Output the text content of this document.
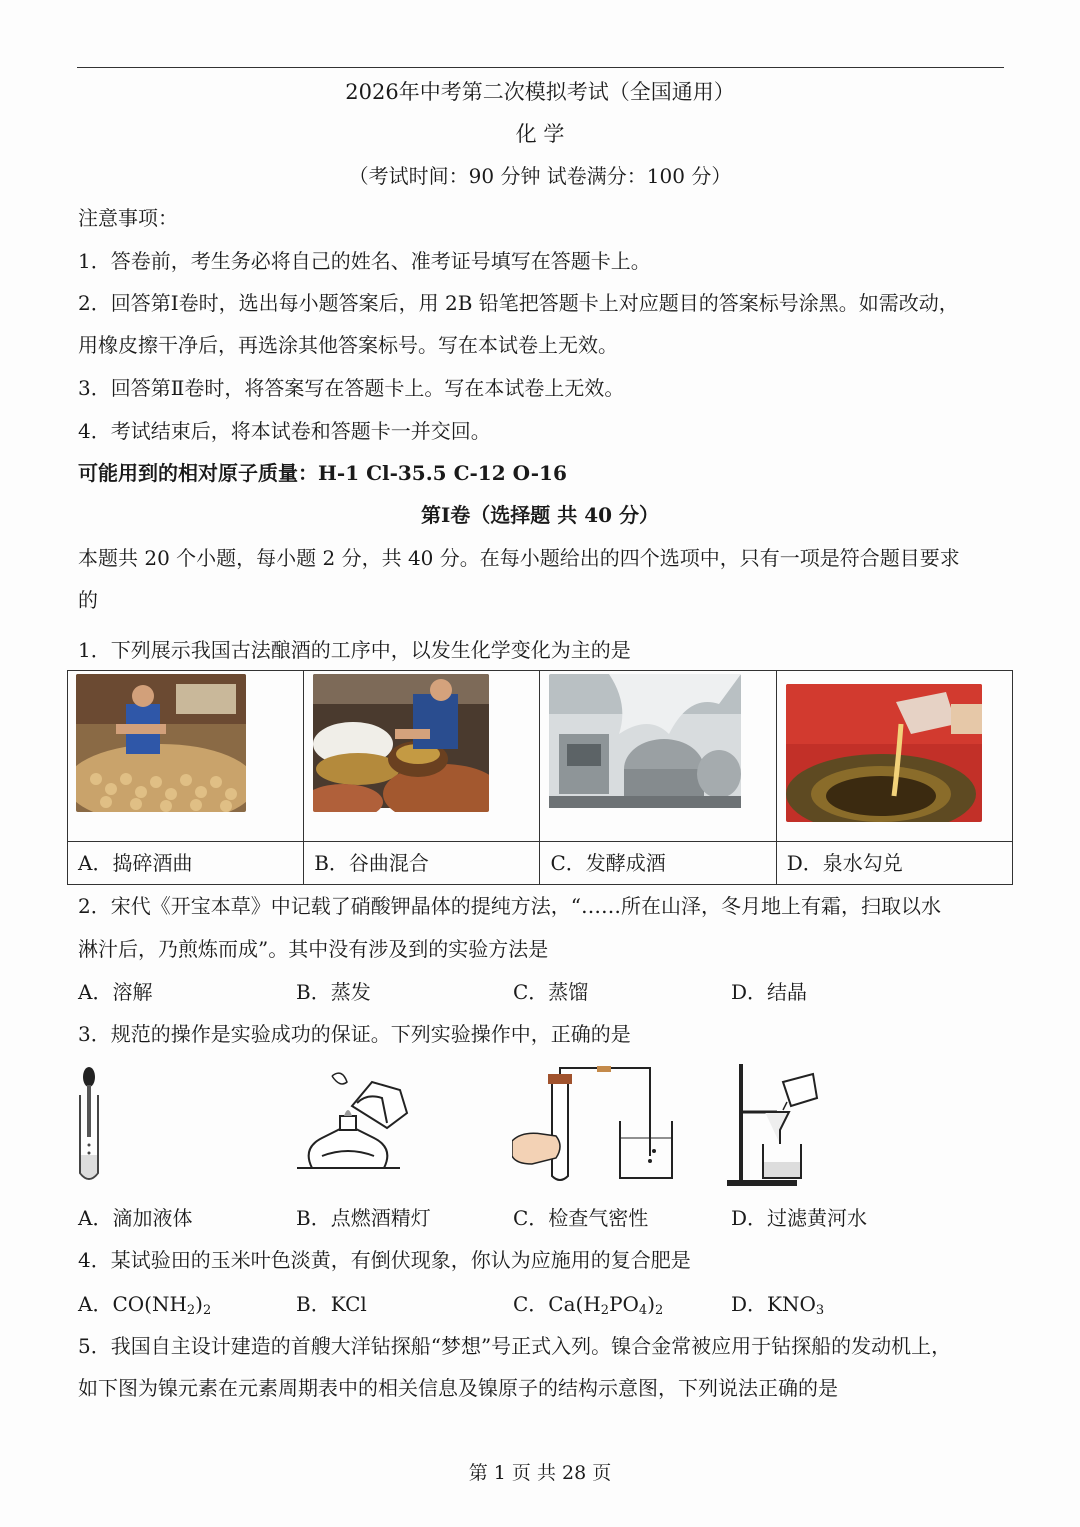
2026年中考第二次模拟考试（全国通用）
化 学
（考试时间：90 分钟 试卷满分：100 分）
注意事项：
1．答卷前，考生务必将自己的姓名、准考证号填写在答题卡上。
2．回答第Ⅰ卷时，选出每小题答案后，用 2B 铅笔把答题卡上对应题目的答案标号涂黑。如需改动，
用橡皮擦干净后，再选涂其他答案标号。写在本试卷上无效。
3．回答第Ⅱ卷时，将答案写在答题卡上。写在本试卷上无效。
4．考试结束后，将本试卷和答题卡一并交回。
可能用到的相对原子质量：H-1 Cl-35.5 C-12 O-16
第Ⅰ卷（选择题 共 40 分）
本题共 20 个小题，每小题 2 分，共 40 分。在每小题给出的四个选项中，只有一项是符合题目要求
的
1．下列展示我国古法酿酒的工序中，以发生化学变化为主的是

A．捣碎酒曲	B．谷曲混合	C．发酵成酒	D．泉水勾兑
2．宋代《开宝本草》中记载了硝酸钾晶体的提纯方法，“……所在山泽，冬月地上有霜，扫取以水
淋汁后，乃煎炼而成”。其中没有涉及到的实验方法是
A．溶解	B．蒸发	C．蒸馏	D．结晶
3．规范的操作是实验成功的保证。下列实验操作中，正确的是
A．滴加液体	B．点燃酒精灯	C．检查气密性	D．过滤黄河水
4．某试验田的玉米叶色淡黄，有倒伏现象，你认为应施用的复合肥是
A．$CO(NH_2)_2$	B．KCl	C．$Ca(H_2PO_4)_2$	D．$KNO_3$
5．我国自主设计建造的首艘大洋钻探船“梦想”号正式入列。镍合金常被应用于钻探船的发动机上，
如下图为镍元素在元素周期表中的相关信息及镍原子的结构示意图，下列说法正确的是
第 1 页 共 28 页
